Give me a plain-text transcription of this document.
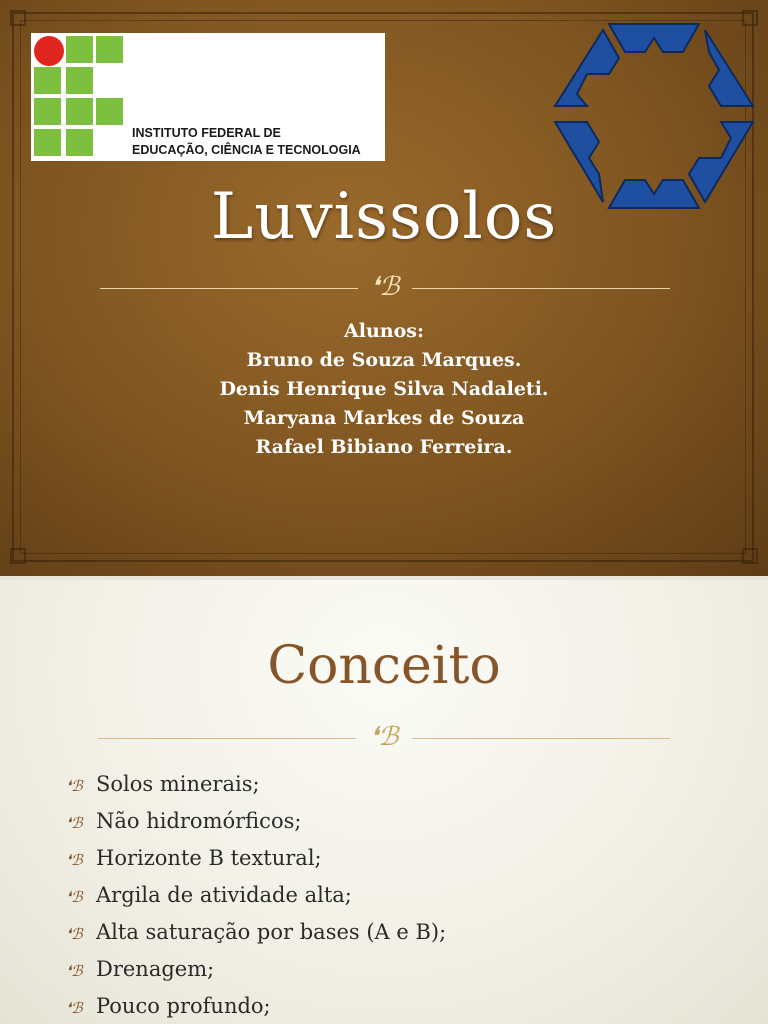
INSTITUTO FEDERAL DE
EDUCAÇÃO, CIÊNCIA E TECNOLOGIA
Luvissolos
❛ℬ
Alunos:
Bruno de Souza Marques.
Denis Henrique Silva Nadaleti.
Maryana Markes de Souza
Rafael Bibiano Ferreira.
Conceito
❛ℬ
❛ℬ Solos minerais;
❛ℬ Não hidromórficos;
❛ℬ Horizonte B textural;
❛ℬ Argila de atividade alta;
❛ℬ Alta saturação por bases (A e B);
❛ℬ Drenagem;
❛ℬ Pouco profundo;
